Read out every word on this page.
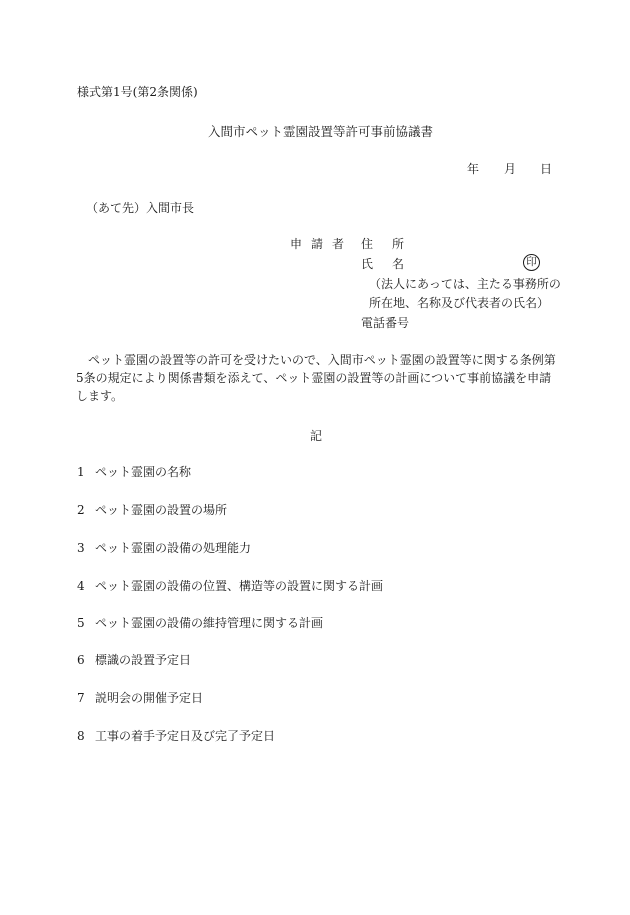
様式第1号(第2条関係)
入間市ペット霊園設置等許可事前協議書
年 月 日
（あて先）入間市長
申請者 住 所
氏 名	印
（法人にあっては、主たる事務所の
所在地、名称及び代表者の氏名）
電話番号
ペット霊園の設置等の許可を受けたいので、入間市ペット霊園の設置等に関する条例第5条の規定により関係書類を添えて、ペット霊園の設置等の計画について事前協議を申請します。
記
1 ペット霊園の名称
2 ペット霊園の設置の場所
3 ペット霊園の設備の処理能力
4 ペット霊園の設備の位置、構造等の設置に関する計画
5 ペット霊園の設備の維持管理に関する計画
6 標識の設置予定日
7 説明会の開催予定日
8 工事の着手予定日及び完了予定日
